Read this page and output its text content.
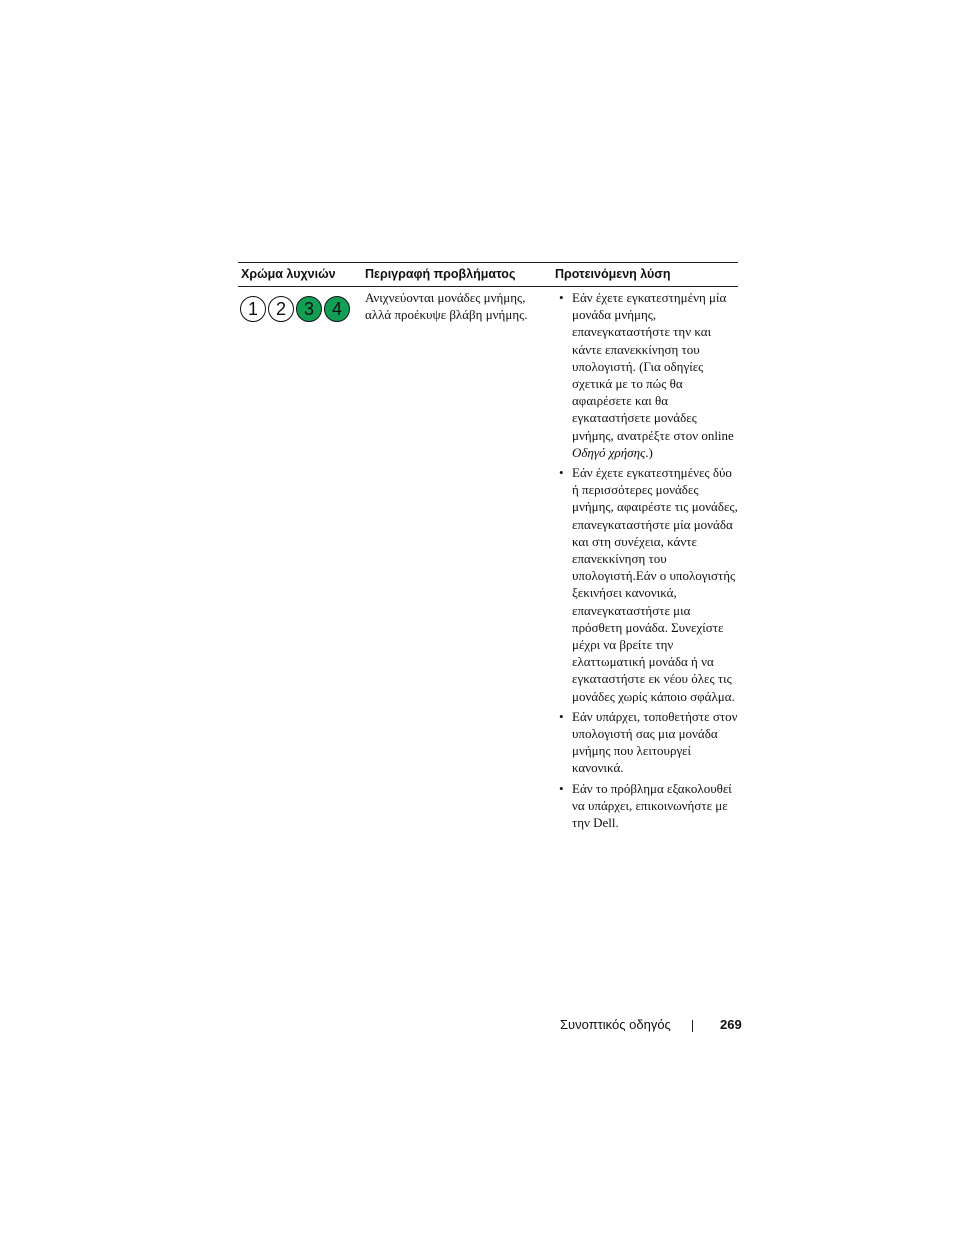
Χρώμα λυχνιών Περιγραφή προβλήματος	Προτεινόμενη λύση
1 2 3 4
Ανιχνεύονται μονάδες μνήμης, αλλά προέκυψε βλάβη μνήμης.
• Εάν έχετε εγκατεστημένη μία μονάδα μνήμης, επανεγκαταστήστε την και κάντε επανεκκίνηση του υπολογιστή. (Για οδηγίες σχετικά με το πώς θα αφαιρέσετε και θα εγκαταστήσετε μονάδες μνήμης, ανατρέξτε στον online Οδηγό χρήσης.)
• Εάν έχετε εγκατεστημένες δύο ή περισσότερες μονάδες μνήμης, αφαιρέστε τις μονάδες, επανεγκαταστήστε μία μονάδα και στη συνέχεια, κάντε επανεκκίνηση του υπολογιστή.Εάν ο υπολογιστής ξεκινήσει κανονικά, επανεγκαταστήστε μια πρόσθετη μονάδα. Συνεχίστε μέχρι να βρείτε την ελαττωματική μονάδα ή να εγκαταστήστε εκ νέου όλες τις μονάδες χωρίς κάποιο σφάλμα.
• Εάν υπάρχει, τοποθετήστε στον υπολογιστή σας μια μονάδα μνήμης που λειτουργεί κανονικά.
• Εάν το πρόβλημα εξακολουθεί να υπάρχει, επικοινωνήστε με την Dell.
Συνοπτικός οδηγός	269
